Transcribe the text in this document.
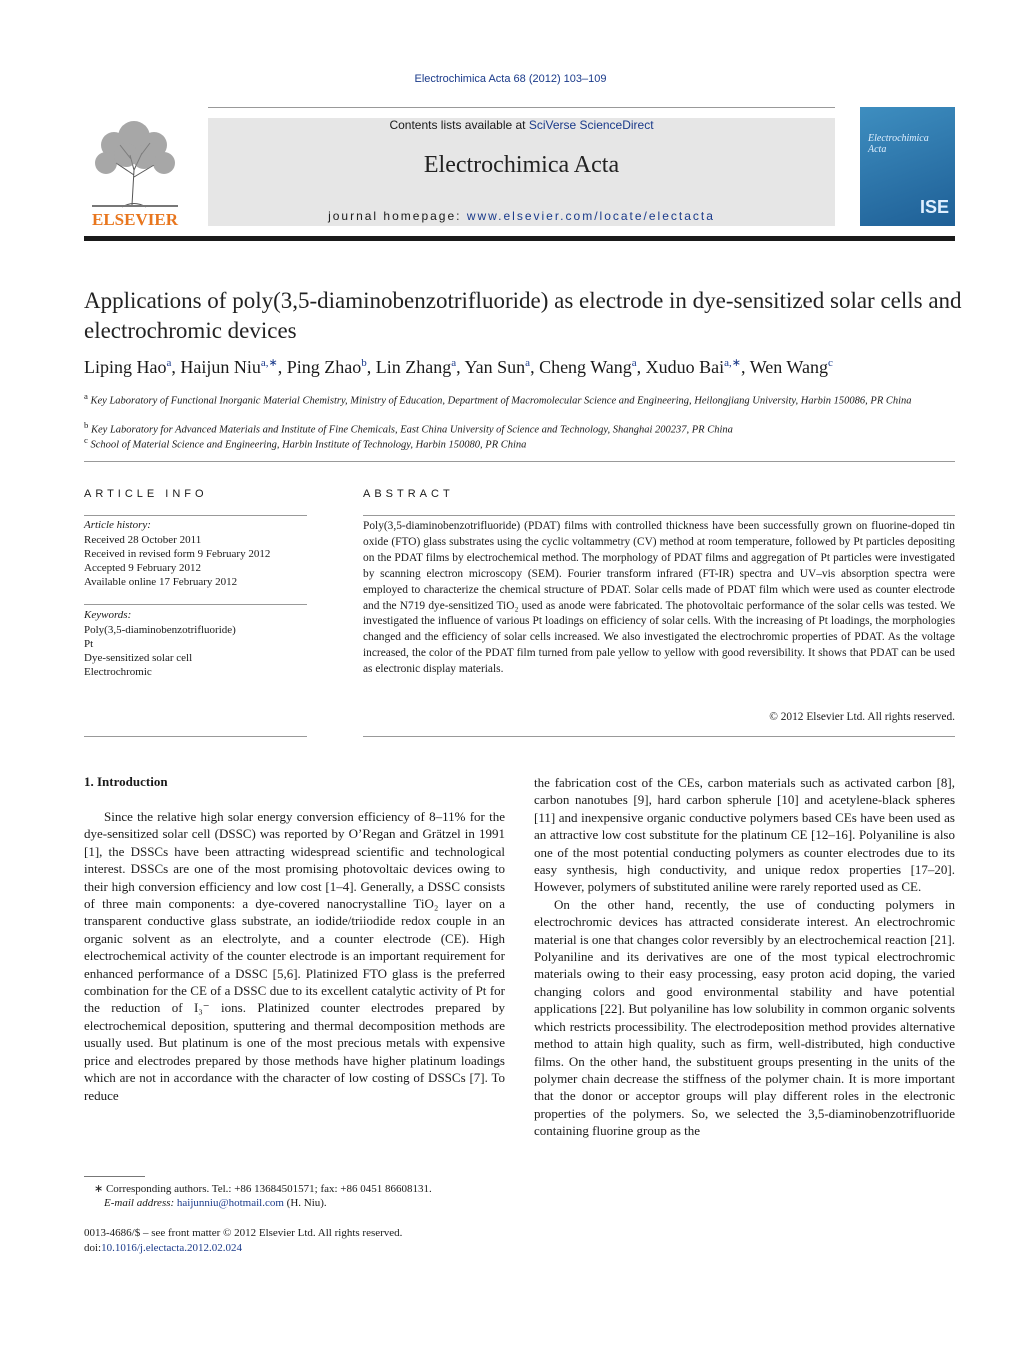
Electrochimica Acta 68 (2012) 103–109
ELSEVIER
Contents lists available at SciVerse ScienceDirect
Electrochimica Acta
journal homepage: www.elsevier.com/locate/electacta
Electrochimica Acta
ISE
Applications of poly(3,5-diaminobenzotrifluoride) as electrode in dye-sensitized solar cells and electrochromic devices
Liping Hao$^a$, Haijun Niu$^{a,∗}$, Ping Zhao$^b$, Lin Zhang$^a$, Yan Sun$^a$, Cheng Wang$^a$, Xuduo Bai$^{a,∗}$, Wen Wang$^c$
$^a$ Key Laboratory of Functional Inorganic Material Chemistry, Ministry of Education, Department of Macromolecular Science and Engineering, Heilongjiang University, Harbin 150086, PR China
$^b$ Key Laboratory for Advanced Materials and Institute of Fine Chemicals, East China University of Science and Technology, Shanghai 200237, PR China
$^c$ School of Material Science and Engineering, Harbin Institute of Technology, Harbin 150080, PR China
ARTICLE INFO	ABSTRACT
Article history:
Received 28 October 2011
Received in revised form 9 February 2012
Accepted 9 February 2012
Available online 17 February 2012
Keywords:
Poly(3,5-diaminobenzotrifluoride)
Pt
Dye-sensitized solar cell
Electrochromic
Poly(3,5-diaminobenzotrifluoride) (PDAT) films with controlled thickness have been successfully grown on fluorine-doped tin oxide (FTO) glass substrates using the cyclic voltammetry (CV) method at room temperature, followed by Pt particles depositing on the PDAT films by electrochemical method. The morphology of PDAT films and aggregation of Pt particles were investigated by scanning electron microscopy (SEM). Fourier transform infrared (FT-IR) spectra and UV–vis absorption spectra were employed to characterize the chemical structure of PDAT. Solar cells made of PDAT film which were used as counter electrode and the N719 dye-sensitized TiO₂ used as anode were fabricated. The photovoltaic performance of the solar cells was tested. We investigated the influence of various Pt loadings on efficiency of solar cells. With the increasing of Pt loadings, the morphologies changed and the efficiency of solar cells increased. We also investigated the electrochromic properties of PDAT. As the voltage increased, the color of the PDAT film turned from pale yellow to yellow with good reversibility. It shows that PDAT can be used as electronic display materials.
© 2012 Elsevier Ltd. All rights reserved.
1. Introduction

Since the relative high solar energy conversion efficiency of 8–11% for the dye-sensitized solar cell (DSSC) was reported by O’Regan and Grätzel in 1991 [1], the DSSCs have been attracting widespread scientific and technological interest. DSSCs are one of the most promising photovoltaic devices owing to their high conversion efficiency and low cost [1–4]. Generally, a DSSC consists of three main components: a dye-covered nanocrystalline TiO₂ layer on a transparent conductive glass substrate, an iodide/triiodide redox couple in an organic solvent as an electrolyte, and a counter electrode (CE). High electrochemical activity of the counter electrode is an important requirement for enhanced performance of a DSSC [5,6]. Platinized FTO glass is the preferred combination for the CE of a DSSC due to its excellent catalytic activity of Pt for the reduction of I₃⁻ ions. Platinized counter electrodes prepared by electrochemical deposition, sputtering and thermal decomposition methods are usually used. But platinum is one of the most precious metals with expensive price and electrodes prepared by those methods have higher platinum loadings which are not in accordance with the character of low costing of DSSCs [7]. To reduce

the fabrication cost of the CEs, carbon materials such as activated carbon [8], carbon nanotubes [9], hard carbon spherule [10] and acetylene-black spheres [11] and inexpensive organic conductive polymers based CEs have been used as an attractive low cost substitute for the platinum CE [12–16]. Polyaniline is also one of the most potential conducting polymers as counter electrodes due to its easy synthesis, high conductivity, and unique redox properties [17–20]. However, polymers of substituted aniline were rarely reported used as CE.

On the other hand, recently, the use of conducting polymers in electrochromic devices has attracted considerate interest. An electrochromic material is one that changes color reversibly by an electrochemical reaction [21]. Polyaniline and its derivatives are one of the most typical electrochromic materials owing to their easy processing, easy proton acid doping, the varied changing colors and good environmental stability and have potential applications [22]. But polyaniline has low solubility in common organic solvents which restricts processibility. The electrodeposition method provides alternative method to attain high quality, such as firm, well-distributed, high conductive films. On the other hand, the substituent groups presenting in the units of the polymer chain decrease the stiffness of the polymer chain. It is more important that the donor or acceptor groups will play different roles in the electronic properties of the polymers. So, we selected the 3,5-diaminobenzotrifluoride containing fluorine group as the

∗ Corresponding authors. Tel.: +86 13684501571; fax: +86 0451 86608131.
E-mail address: haijunniu@hotmail.com (H. Niu).
0013-4686/$ – see front matter © 2012 Elsevier Ltd. All rights reserved.
doi:10.1016/j.electacta.2012.02.024
